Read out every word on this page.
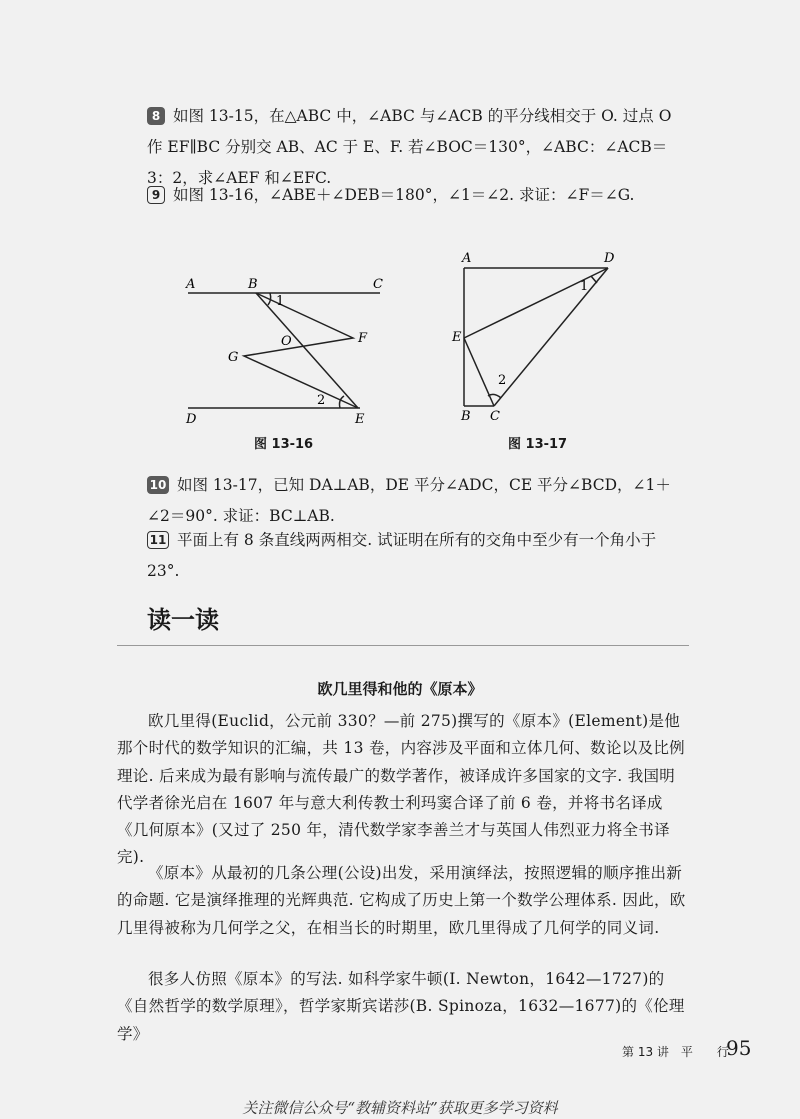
8 如图 13-15，在△ABC 中，∠ABC 与∠ACB 的平分线相交于 O. 过点 O 作 EF∥BC 分别交 AB、AC 于 E、F. 若∠BOC＝130°，∠ABC：∠ACB＝3：2，求∠AEF 和∠EFC.
9 如图 13-16，∠ABE＋∠DEB＝180°，∠1＝∠2. 求证：∠F＝∠G.
A	B	C
1
O	F
G
2
D	E
图 13-16
A	D
1
E
2
B C
图 13-17
10 如图 13-17，已知 DA⊥AB，DE 平分∠ADC，CE 平分∠BCD，∠1＋∠2＝90°. 求证：BC⊥AB.
11 平面上有 8 条直线两两相交. 试证明在所有的交角中至少有一个角小于 23°.
读一读
欧几里得和他的《原本》
欧几里得(Euclid，公元前 330？—前 275)撰写的《原本》(Element)是他那个时代的数学知识的汇编，共 13 卷，内容涉及平面和立体几何、数论以及比例理论. 后来成为最有影响与流传最广的数学著作，被译成许多国家的文字. 我国明代学者徐光启在 1607 年与意大利传教士利玛窦合译了前 6 卷，并将书名译成《几何原本》(又过了 250 年，清代数学家李善兰才与英国人伟烈亚力将全书译完).
《原本》从最初的几条公理(公设)出发，采用演绎法，按照逻辑的顺序推出新的命题. 它是演绎推理的光辉典范. 它构成了历史上第一个数学公理体系. 因此，欧几里得被称为几何学之父，在相当长的时期里，欧几里得成了几何学的同义词.
很多人仿照《原本》的写法. 如科学家牛顿(I. Newton，1642—1727)的《自然哲学的数学原理》，哲学家斯宾诺莎(B. Spinoza，1632—1677)的《伦理学》
第 13 讲　平　　行
95
关注微信公众号“教辅资料站”获取更多学习资料
